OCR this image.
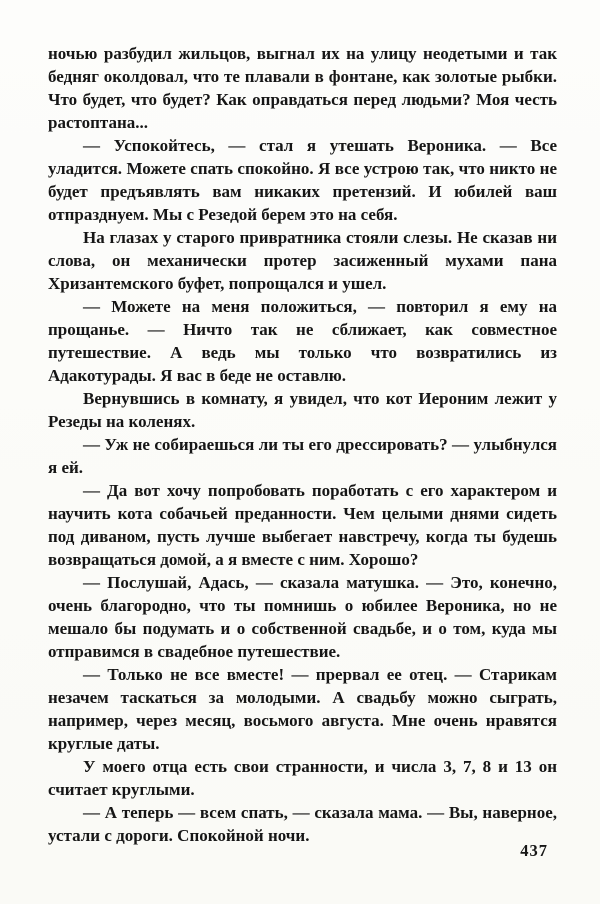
ночью разбудил жильцов, выгнал их на улицу неодетыми и так бедняг околдовал, что те плавали в фонтане, как золотые рыбки. Что будет, что будет? Как оправдаться перед людьми? Моя честь растоптана...

— Успокойтесь, — стал я утешать Вероника. — Все уладится. Можете спать спокойно. Я все устрою так, что никто не будет предъявлять вам никаких претензий. И юбилей ваш отпразднуем. Мы с Резедой берем это на себя.

На глазах у старого привратника стояли слезы. Не сказав ни слова, он механически протер засиженный мухами пана Хризантемского буфет, попрощался и ушел.

— Можете на меня положиться, — повторил я ему на прощанье. — Ничто так не сближает, как совместное путешествие. А ведь мы только что возвратились из Адакотурады. Я вас в беде не оставлю.

Вернувшись в комнату, я увидел, что кот Иероним лежит у Резеды на коленях.

— Уж не собираешься ли ты его дрессировать? — улыбнулся я ей.

— Да вот хочу попробовать поработать с его характером и научить кота собачьей преданности. Чем целыми днями сидеть под диваном, пусть лучше выбегает навстречу, когда ты будешь возвращаться домой, а я вместе с ним. Хорошо?

— Послушай, Адась, — сказала матушка. — Это, конечно, очень благородно, что ты помнишь о юбилее Вероника, но не мешало бы подумать и о собственной свадьбе, и о том, куда мы отправимся в свадебное путешествие.

— Только не все вместе! — прервал ее отец. — Старикам незачем таскаться за молодыми. А свадьбу можно сыграть, например, через месяц, восьмого августа. Мне очень нравятся круглые даты.

У моего отца есть свои странности, и числа 3, 7, 8 и 13 он считает круглыми.

— А теперь — всем спать, — сказала мама. — Вы, наверное, устали с дороги. Спокойной ночи.

437
